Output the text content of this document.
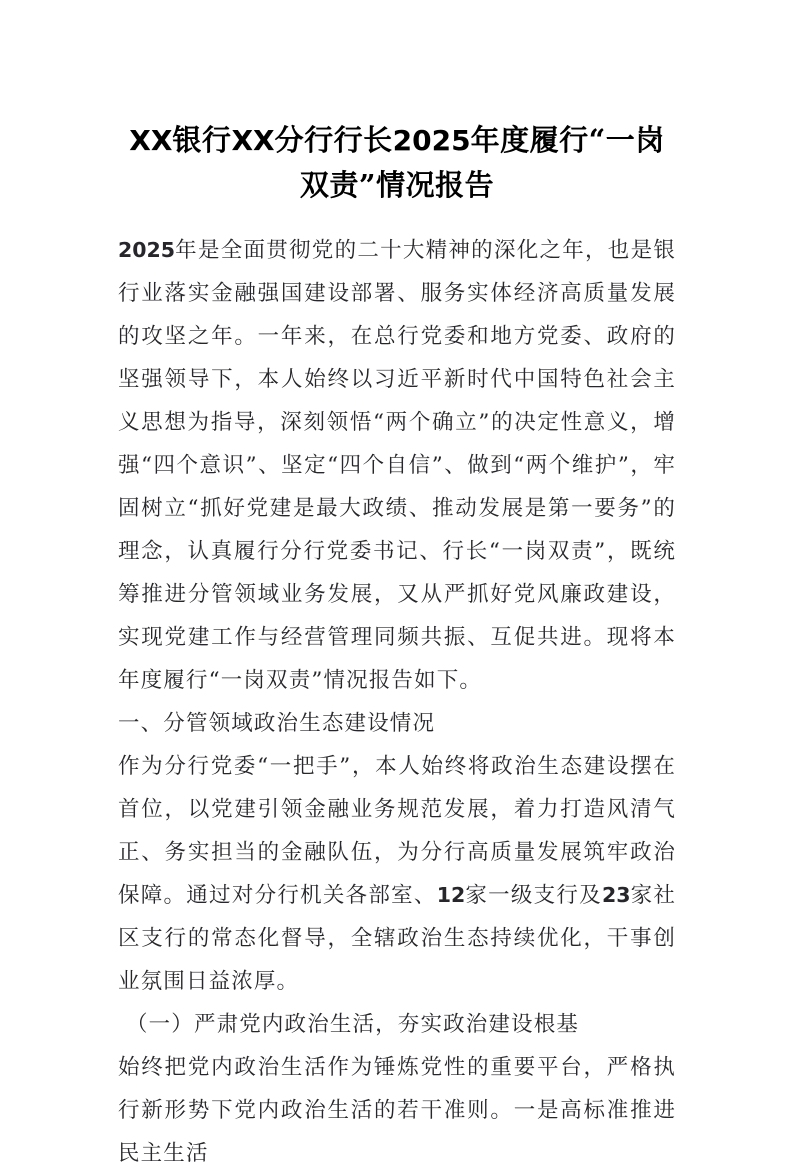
XX银行XX分行行长2025年度履行“一岗双责”情况报告

2025年是全面贯彻党的二十大精神的深化之年，也是银行业落实金融强国建设部署、服务实体经济高质量发展的攻坚之年。一年来，在总行党委和地方党委、政府的坚强领导下，本人始终以习近平新时代中国特色社会主义思想为指导，深刻领悟“两个确立”的决定性意义，增强“四个意识”、坚定“四个自信”、做到“两个维护”，牢固树立“抓好党建是最大政绩、推动发展是第一要务”的理念，认真履行分行党委书记、行长“一岗双责”，既统筹推进分管领域业务发展，又从严抓好党风廉政建设，实现党建工作与经营管理同频共振、互促共进。现将本年度履行“一岗双责”情况报告如下。

一、分管领域政治生态建设情况

作为分行党委“一把手”，本人始终将政治生态建设摆在首位，以党建引领金融业务规范发展，着力打造风清气正、务实担当的金融队伍，为分行高质量发展筑牢政治保障。通过对分行机关各部室、12家一级支行及23家社区支行的常态化督导，全辖政治生态持续优化，干事创业氛围日益浓厚。

（一）严肃党内政治生活，夯实政治建设根基

始终把党内政治生活作为锤炼党性的重要平台，严格执行新形势下党内政治生活的若干准则。一是高标准推进民主生活
